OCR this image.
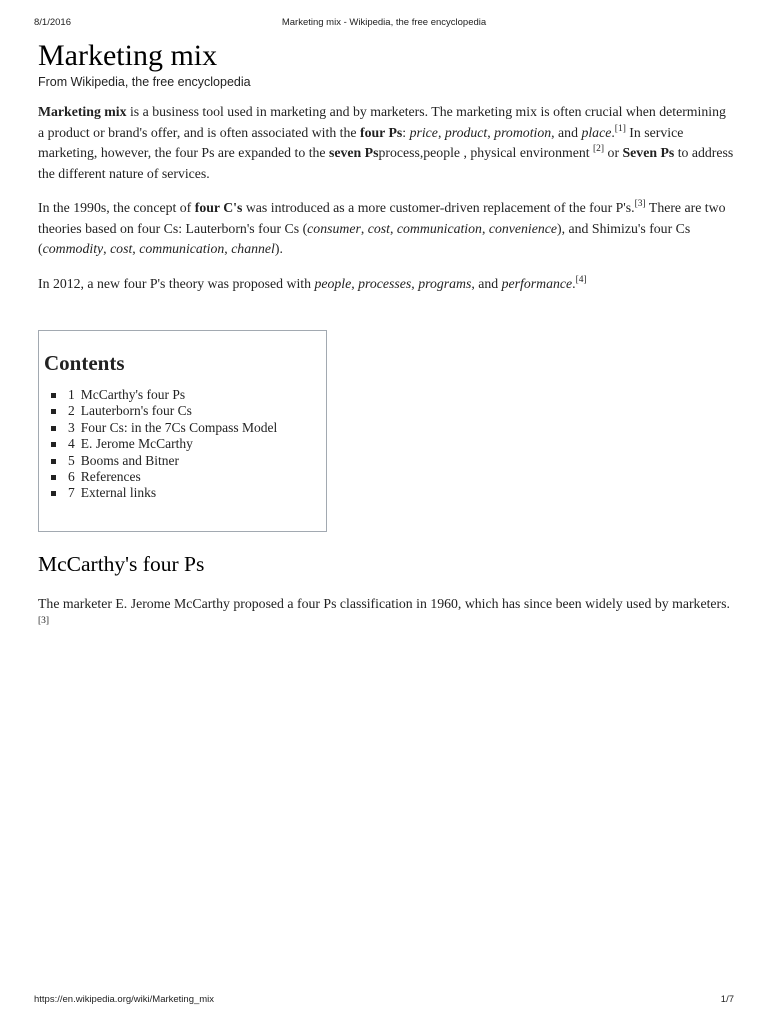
8/1/2016	Marketing mix - Wikipedia, the free encyclopedia
Marketing mix
From Wikipedia, the free encyclopedia

Marketing mix is a business tool used in marketing and by marketers. The marketing mix is often crucial when determining a product or brand's offer, and is often associated with the four Ps: price, product, promotion, and place.[1] In service marketing, however, the four Ps are expanded to the seven Psprocess,people , physical environment [2] or Seven Ps to address the different nature of services.

In the 1990s, the concept of four C's was introduced as a more customer-driven replacement of the four P's.[3] There are two theories based on four Cs: Lauterborn's four Cs (consumer, cost, communication, convenience), and Shimizu's four Cs (commodity, cost, communication, channel).

In 2012, a new four P's theory was proposed with people, processes, programs, and performance.[4]

Contents
1 McCarthy's four Ps
2 Lauterborn's four Cs
3 Four Cs: in the 7Cs Compass Model
4 E. Jerome McCarthy
5 Booms and Bitner
6 References
7 External links
McCarthy's four Ps

The marketer E. Jerome McCarthy proposed a four Ps classification in 1960, which has since been widely used by marketers.[3]

https://en.wikipedia.org/wiki/Marketing_mix	1/7
